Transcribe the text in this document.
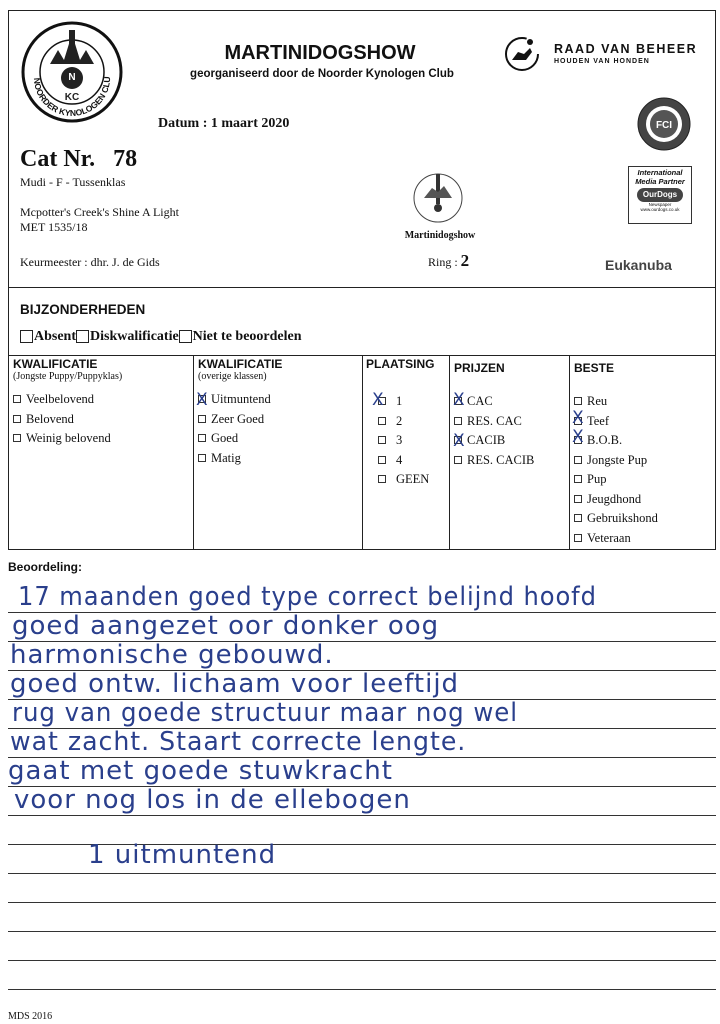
N
KC
NOORDER KYNOLOGEN CLU
MARTINIDOGSHOW
georganiseerd door de Noorder Kynologen Club
Datum : 1 maart 2020
RAAD VAN BEHEER
HOUDEN VAN HONDEN
FCI
International
Media Partner
OurDogs
Newspaper
www.ourdogs.co.uk
Cat Nr. 78
Mudi - F - Tussenklas
Mcpotter's Creek's Shine A Light
MET 1535/18
Keurmeester : dhr. J. de Gids
Martinidogshow
Ring : 2	Eukanuba
BIJZONDERHEDEN
Absent Diskwalificatie Niet te beoordelen
KWALIFICATIE
(Jongste Puppy/Puppyklas)
Veelbelovend
Belovend
Weinig belovend
KWALIFICATIE
(overige klassen)
Uitmuntend
Zeer Goed
Goed
Matig
PLAATSING
1
2
3
4
GEEN
PRIJZEN
CAC
RES. CAC
CACIB
RES. CACIB
BESTE
Reu
Teef
B.O.B.
Jongste Pup
Pup
Jeugdhond
Gebruikshond
Veteraan
X	X	X
X
X
X
Beoordeling:
17 maanden goed type correct belijnd hoofd
goed aangezet oor donker oog
harmonische gebouwd.
goed ontw. lichaam voor leeftijd
rug van goede structuur maar nog wel
wat zacht. Staart correcte lengte.
gaat met goede stuwkracht
voor nog los in de ellebogen
1 uitmuntend
MDS 2016
